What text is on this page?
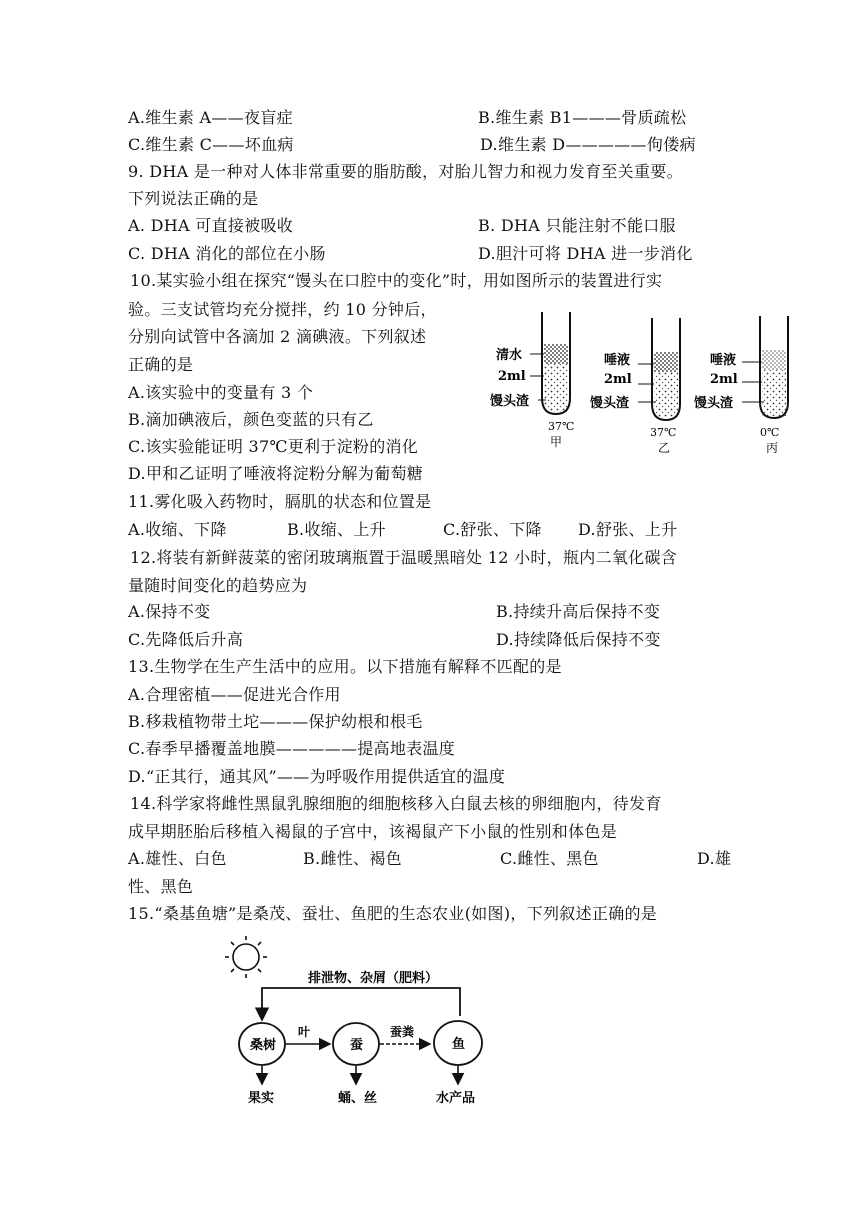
A.维生素 A——夜盲症	B.维生素 B1———骨质疏松
C.维生素 C——坏血病	D.维生素 D—————佝偻病
9. DHA 是一种对人体非常重要的脂肪酸，对胎儿智力和视力发育至关重要。
下列说法正确的是
A. DHA 可直接被吸收	B. DHA 只能注射不能口服
C. DHA 消化的部位在小肠	D.胆汁可将 DHA 进一步消化
10.某实验小组在探究“馒头在口腔中的变化”时，用如图所示的装置进行实
验。三支试管均充分搅拌，约 10 分钟后，
分别向试管中各滴加 2 滴碘液。下列叙述
正确的是
A.该实验中的变量有 3 个
B.滴加碘液后，颜色变蓝的只有乙
C.该实验能证明 37℃更利于淀粉的消化
D.甲和乙证明了唾液将淀粉分解为葡萄糖
清水
2ml
馒头渣
37℃
甲
唾液
2ml
馒头渣
37℃
乙
唾液
2ml
馒头渣
0℃
丙
11.雾化吸入药物时，膈肌的状态和位置是
A.收缩、下降	B.收缩、上升	C.舒张、下降 D.舒张、上升
12.将装有新鲜菠菜的密闭玻璃瓶置于温暖黑暗处 12 小时，瓶内二氧化碳含
量随时间变化的趋势应为
A.保持不变	B.持续升高后保持不变
C.先降低后升高	D.持续降低后保持不变
13.生物学在生产生活中的应用。以下措施有解释不匹配的是
A.合理密植——促进光合作用
B.移栽植物带土坨———保护幼根和根毛
C.春季早播覆盖地膜—————提高地表温度
D.“正其行，通其风”——为呼吸作用提供适宜的温度
14.科学家将雌性黑鼠乳腺细胞的细胞核移入白鼠去核的卵细胞内，待发育
成早期胚胎后移植入褐鼠的子宫中，该褐鼠产下小鼠的性别和体色是
A.雄性、白色	B.雌性、褐色	C.雌性、黑色	D.雄
性、黑色
15.“桑基鱼塘”是桑茂、蚕壮、鱼肥的生态农业(如图)，下列叙述正确的是
排泄物、杂屑（肥料）
桑树	蚕	鱼
叶	蚕粪
果实	蛹、丝	水产品
